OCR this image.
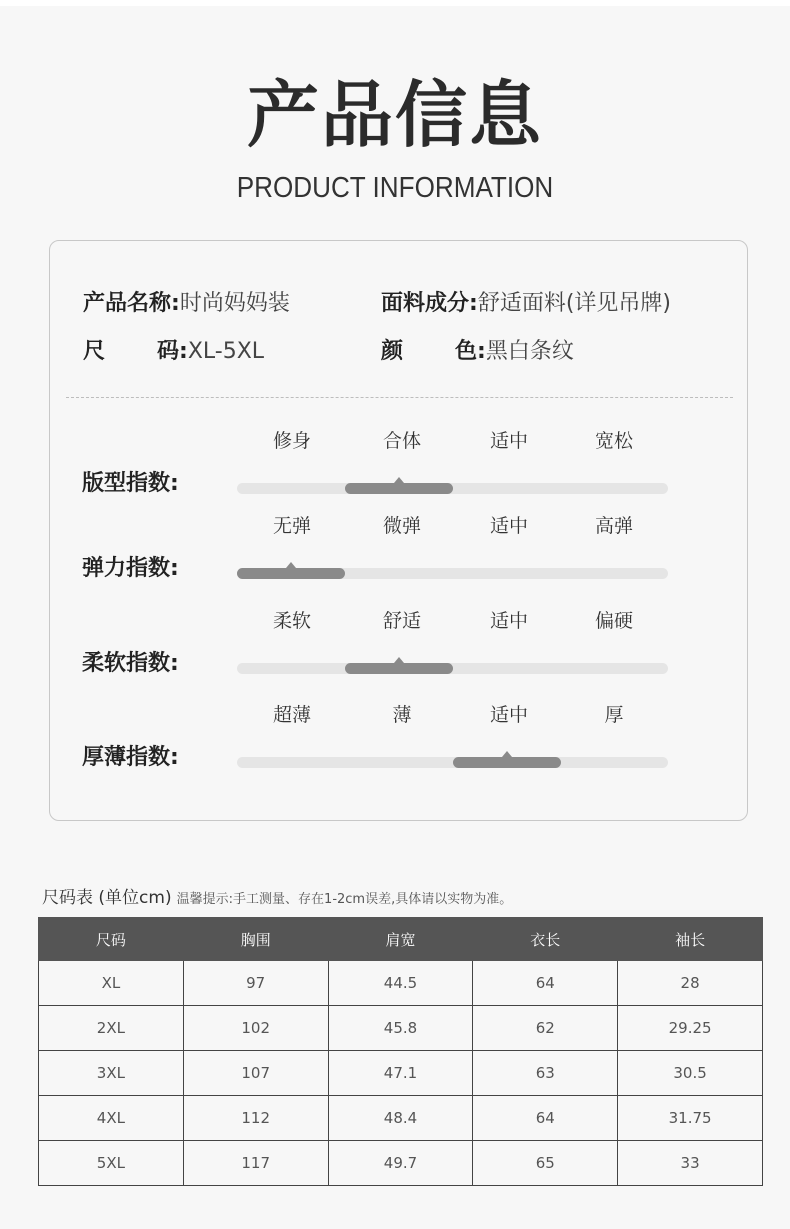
产品信息
PRODUCT INFORMATION
产品名称:时尚妈妈装	面料成分:舒适面料(详见吊牌)
尺 码:XL-5XL	颜 色:黑白条纹
版型指数:
修身	合体	适中	宽松
弹力指数:
无弹	微弹	适中	高弹
柔软指数:
柔软	舒适	适中	偏硬
厚薄指数:
超薄	薄	适中	厚
尺码表 (单位cm) 温馨提示:手工测量、存在1-2cm误差,具体请以实物为准。
尺码	胸围	肩宽	衣长	袖长
XL	97	44.5	64	28
2XL	102	45.8	62	29.25
3XL	107	47.1	63	30.5
4XL	112	48.4	64	31.75
5XL	117	49.7	65	33
